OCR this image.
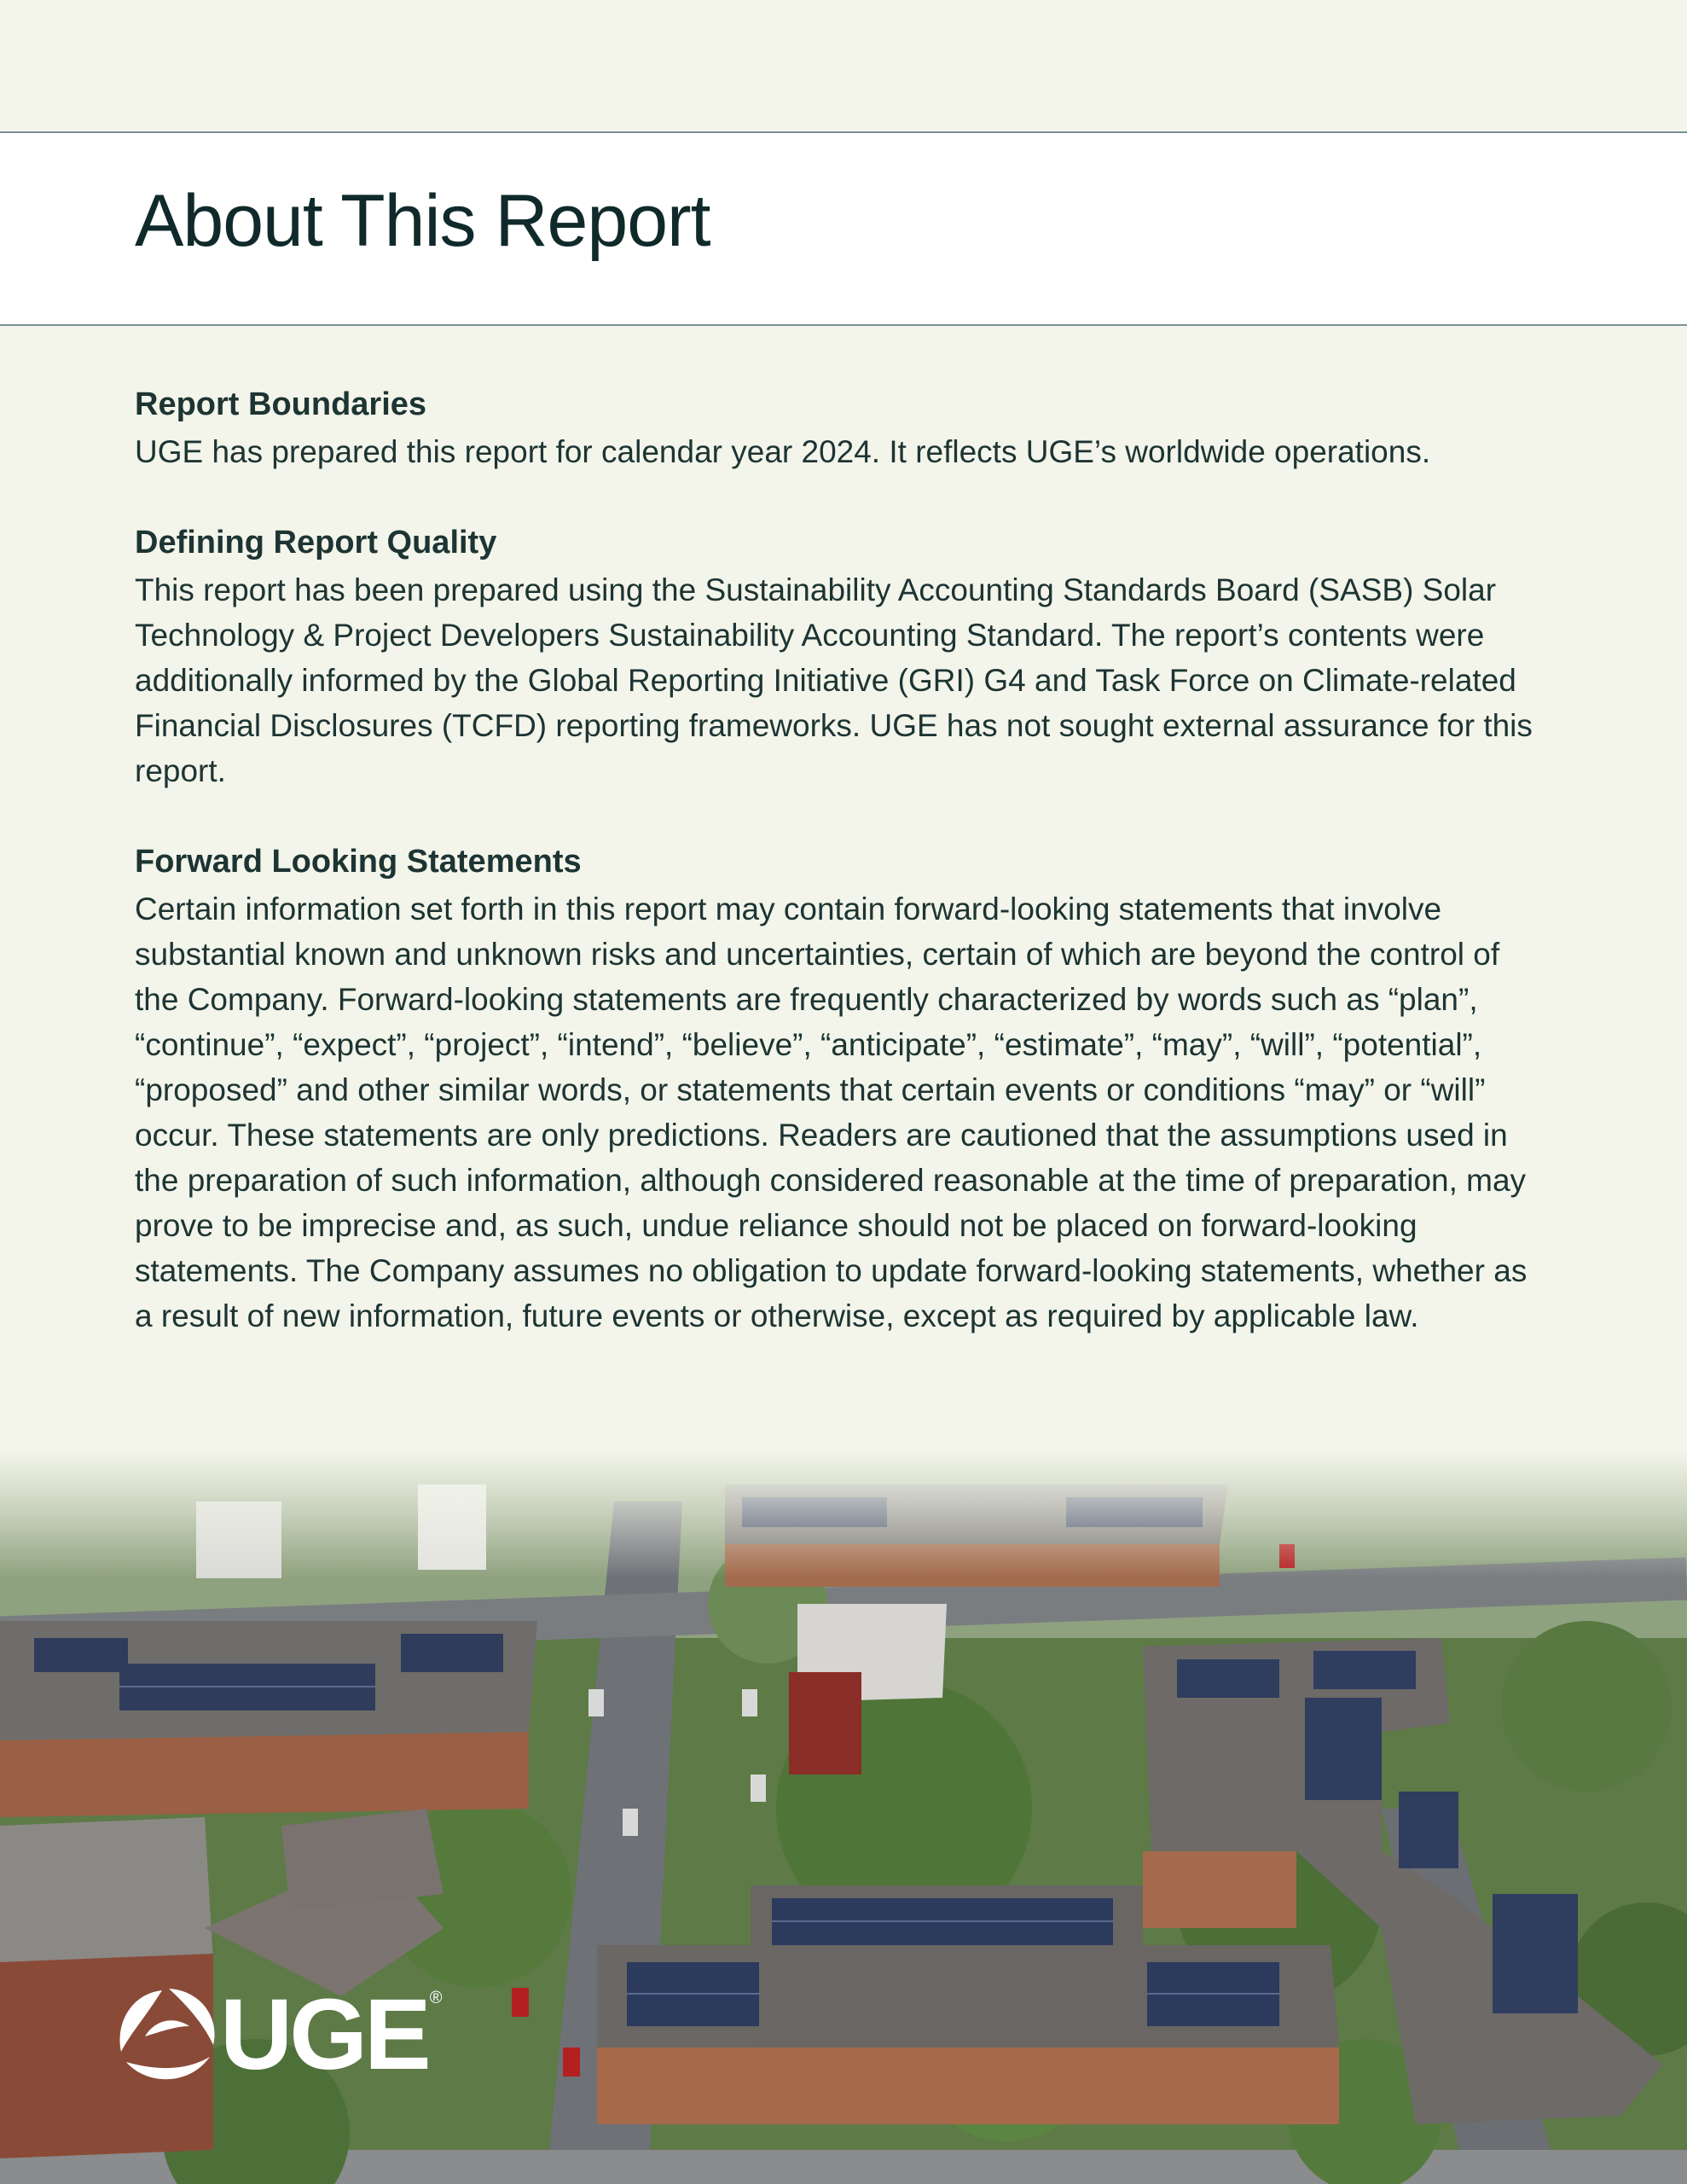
About This Report
Report Boundaries

UGE has prepared this report for calendar year 2024. It reflects UGE’s worldwide operations.

Defining Report Quality

This report has been prepared using the Sustainability Accounting Standards Board (SASB) Solar Technology & Project Developers Sustainability Accounting Standard. The report’s contents were additionally informed by the Global Reporting Initiative (GRI) G4 and Task Force on Climate-related Financial Disclosures (TCFD) reporting frameworks. UGE has not sought external assurance for this report.

Forward Looking Statements

Certain information set forth in this report may contain forward-looking statements that involve substantial known and unknown risks and uncertainties, certain of which are beyond the control of the Company. Forward-looking statements are frequently characterized by words such as “plan”, “continue”, “expect”, “project”, “intend”, “believe”, “anticipate”, “estimate”, “may”, “will”, “potential”, “proposed” and other similar words, or statements that certain events or conditions “may” or “will” occur. These statements are only predictions. Readers are cautioned that the assumptions used in the preparation of such information, although considered reasonable at the time of preparation, may prove to be imprecise and, as such, undue reliance should not be placed on forward-looking statements. The Company assumes no obligation to update forward-looking statements, whether as a result of new information, future events or otherwise, except as required by applicable law.

UGE ®
